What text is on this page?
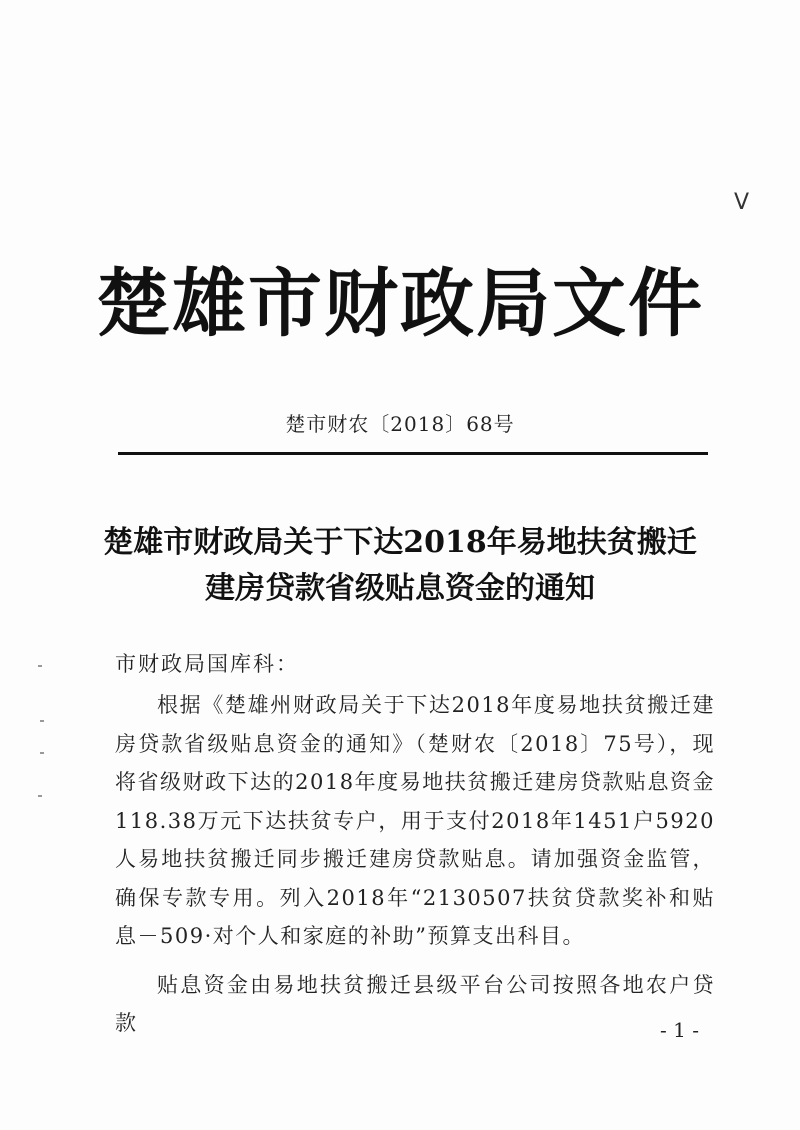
V
楚雄市财政局文件
楚市财农〔2018〕68号
楚雄市财政局关于下达2018年易地扶贫搬迁
建房贷款省级贴息资金的通知
市财政局国库科：

根据《楚雄州财政局关于下达2018年度易地扶贫搬迁建房贷款省级贴息资金的通知》（楚财农〔2018〕75号），现将省级财政下达的2018年度易地扶贫搬迁建房贷款贴息资金118.38万元下达扶贫专户，用于支付2018年1451户5920人易地扶贫搬迁同步搬迁建房贷款贴息。请加强资金监管，确保专款专用。列入2018年“2130507扶贫贷款奖补和贴息－509·对个人和家庭的补助”预算支出科目。

贴息资金由易地扶贫搬迁县级平台公司按照各地农户贷款	- 1 -
